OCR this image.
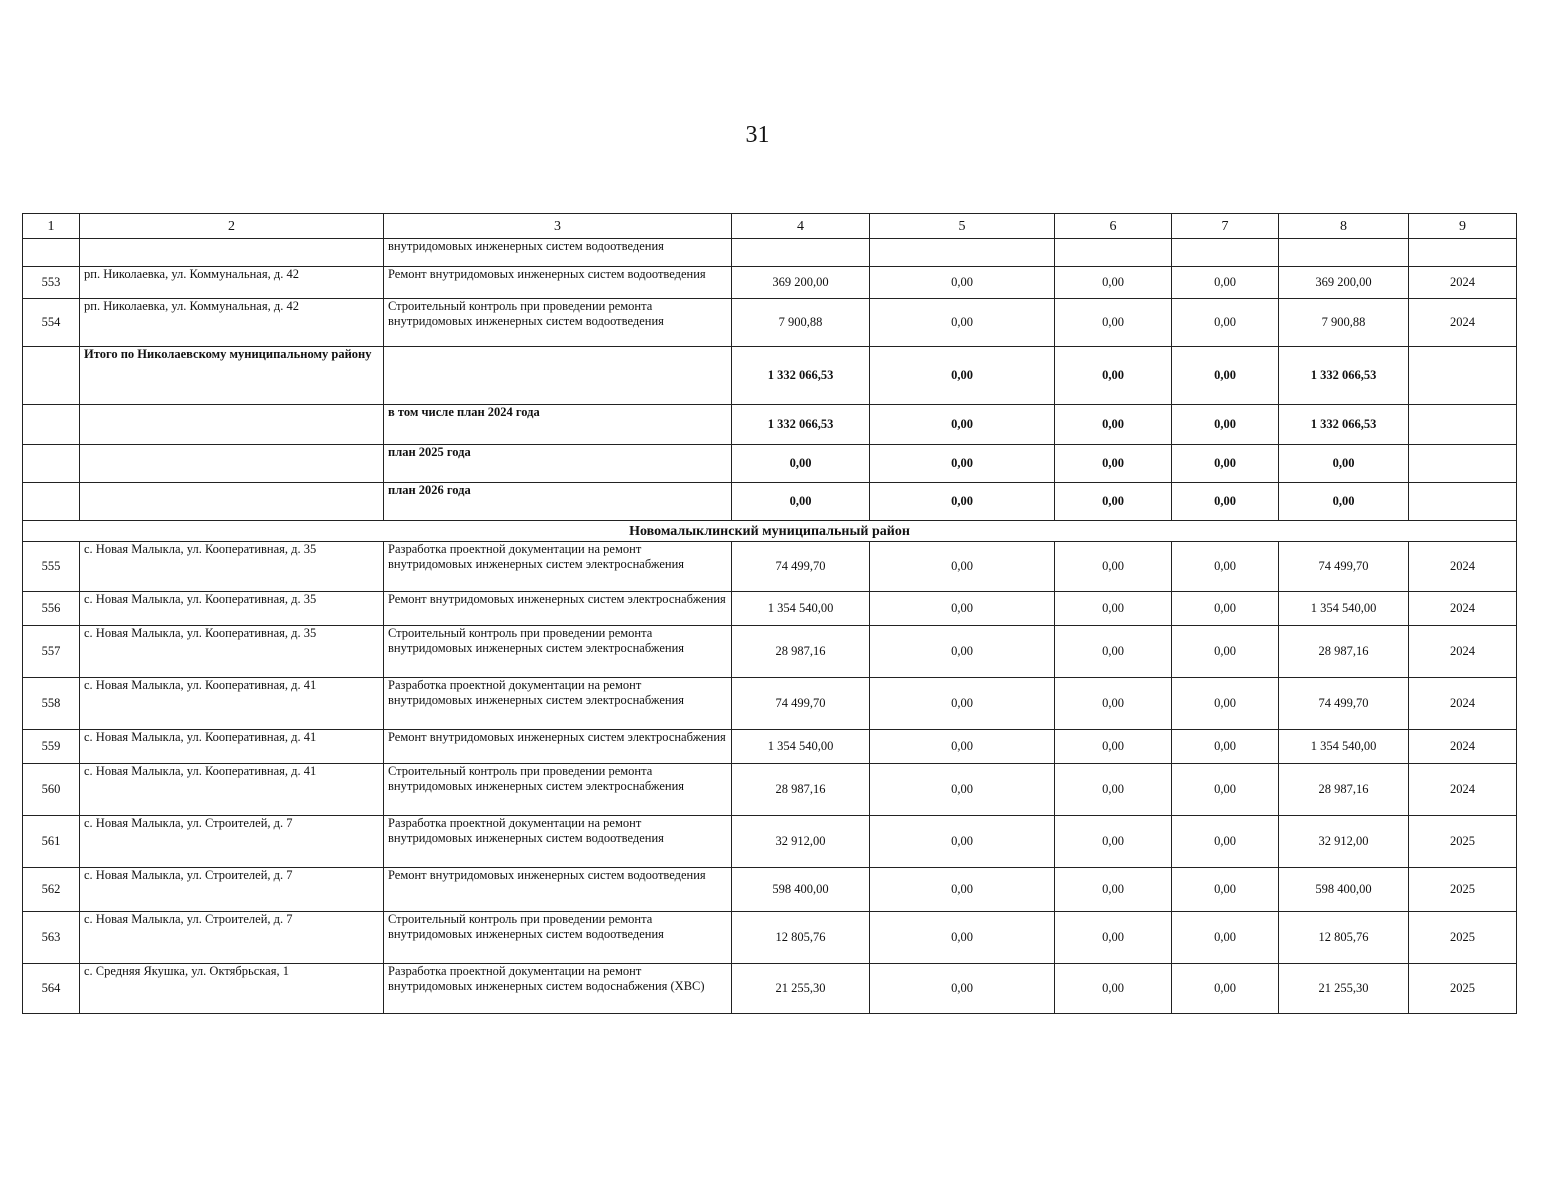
31
1	2	3	4	5	6	7	8	9
		внутридомовых инженерных систем водоотведения						
553	рп. Николаевка, ул. Коммунальная, д. 42	Ремонт внутридомовых инженерных систем водоотведения	369 200,00	0,00	0,00	0,00	369 200,00	2024
554	рп. Николаевка, ул. Коммунальная, д. 42	Строительный контроль при проведении ремонта внутридомовых инженерных систем водоотведения	7 900,88	0,00	0,00	0,00	7 900,88	2024
	Итого по Николаевскому муниципальному району		1 332 066,53	0,00	0,00	0,00	1 332 066,53	
		в том числе план 2024 года	1 332 066,53	0,00	0,00	0,00	1 332 066,53	
		план 2025 года	0,00	0,00	0,00	0,00	0,00	
		план 2026 года	0,00	0,00	0,00	0,00	0,00	
Новомалыклинский муниципальный район								
555	с. Новая Малыкла, ул. Кооперативная, д. 35	Разработка проектной документации на ремонт внутридомовых инженерных систем электроснабжения	74 499,70	0,00	0,00	0,00	74 499,70	2024
556	с. Новая Малыкла, ул. Кооперативная, д. 35	Ремонт внутридомовых инженерных систем электроснабжения	1 354 540,00	0,00	0,00	0,00	1 354 540,00	2024
557	с. Новая Малыкла, ул. Кооперативная, д. 35	Строительный контроль при проведении ремонта внутридомовых инженерных систем электроснабжения	28 987,16	0,00	0,00	0,00	28 987,16	2024
558	с. Новая Малыкла, ул. Кооперативная, д. 41	Разработка проектной документации на ремонт внутридомовых инженерных систем электроснабжения	74 499,70	0,00	0,00	0,00	74 499,70	2024
559	с. Новая Малыкла, ул. Кооперативная, д. 41	Ремонт внутридомовых инженерных систем электроснабжения	1 354 540,00	0,00	0,00	0,00	1 354 540,00	2024
560	с. Новая Малыкла, ул. Кооперативная, д. 41	Строительный контроль при проведении ремонта внутридомовых инженерных систем электроснабжения	28 987,16	0,00	0,00	0,00	28 987,16	2024
561	с. Новая Малыкла, ул. Строителей, д. 7	Разработка проектной документации на ремонт внутридомовых инженерных систем водоотведения	32 912,00	0,00	0,00	0,00	32 912,00	2025
562	с. Новая Малыкла, ул. Строителей, д. 7	Ремонт внутридомовых инженерных систем водоотведения	598 400,00	0,00	0,00	0,00	598 400,00	2025
563	с. Новая Малыкла, ул. Строителей, д. 7	Строительный контроль при проведении ремонта внутридомовых инженерных систем водоотведения	12 805,76	0,00	0,00	0,00	12 805,76	2025
564	с. Средняя Якушка, ул. Октябрьская, 1	Разработка проектной документации на ремонт внутридомовых инженерных систем водоснабжения (ХВС)	21 255,30	0,00	0,00	0,00	21 255,30	2025
